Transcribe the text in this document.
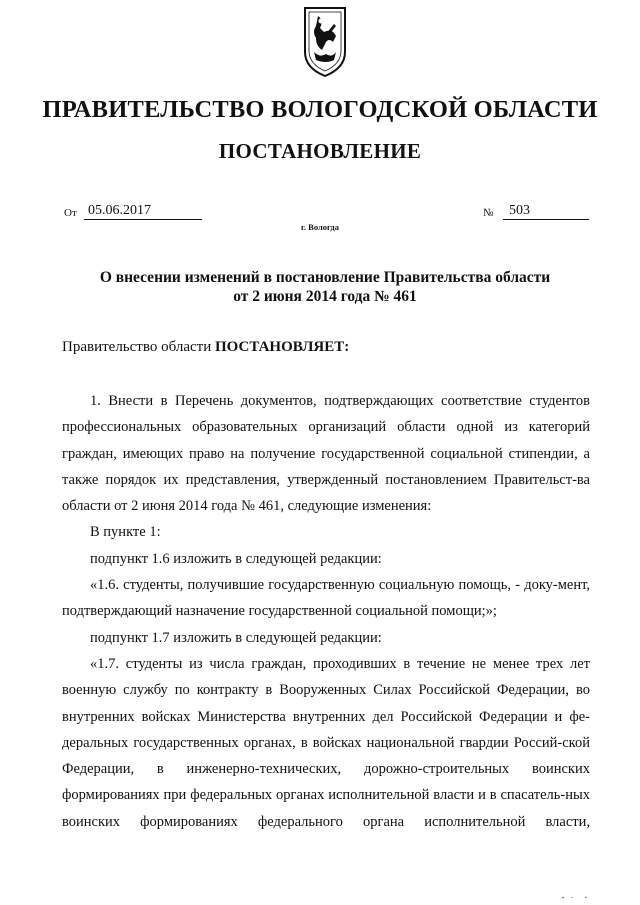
ПРАВИТЕЛЬСТВО ВОЛОГОДСКОЙ ОБЛАСТИ
ПОСТАНОВЛЕНИЕ
От 05.06.2017	№	503
г. Вологда
О внесении изменений в постановление Правительства области
от 2 июня 2014 года № 461
Правительство области ПОСТАНОВЛЯЕТ:

1. Внести в Перечень документов, подтверждающих соответствие студентов профессиональных образовательных организаций области одной из категорий граждан, имеющих право на получение государственной социальной стипендии, а также порядок их представления, утвержденный постановлением Правительст-ва области от 2 июня 2014 года № 461, следующие изменения:

В пункте 1:

подпункт 1.6 изложить в следующей редакции:

«1.6. студенты, получившие государственную социальную помощь, - доку-мент, подтверждающий назначение государственной социальной помощи;»;

подпункт 1.7 изложить в следующей редакции:

«1.7. студенты из числа граждан, проходивших в течение не менее трех лет военную службу по контракту в Вооруженных Силах Российской Федерации, во внутренних войсках Министерства внутренних дел Российской Федерации и фе-деральных государственных органах, в войсках национальной гвардии Россий-ской Федерации, в инженерно-технических, дорожно-строительных воинских формированиях при федеральных органах исполнительной власти и в спасатель-ных воинских формированиях федерального органа исполнительной власти,
